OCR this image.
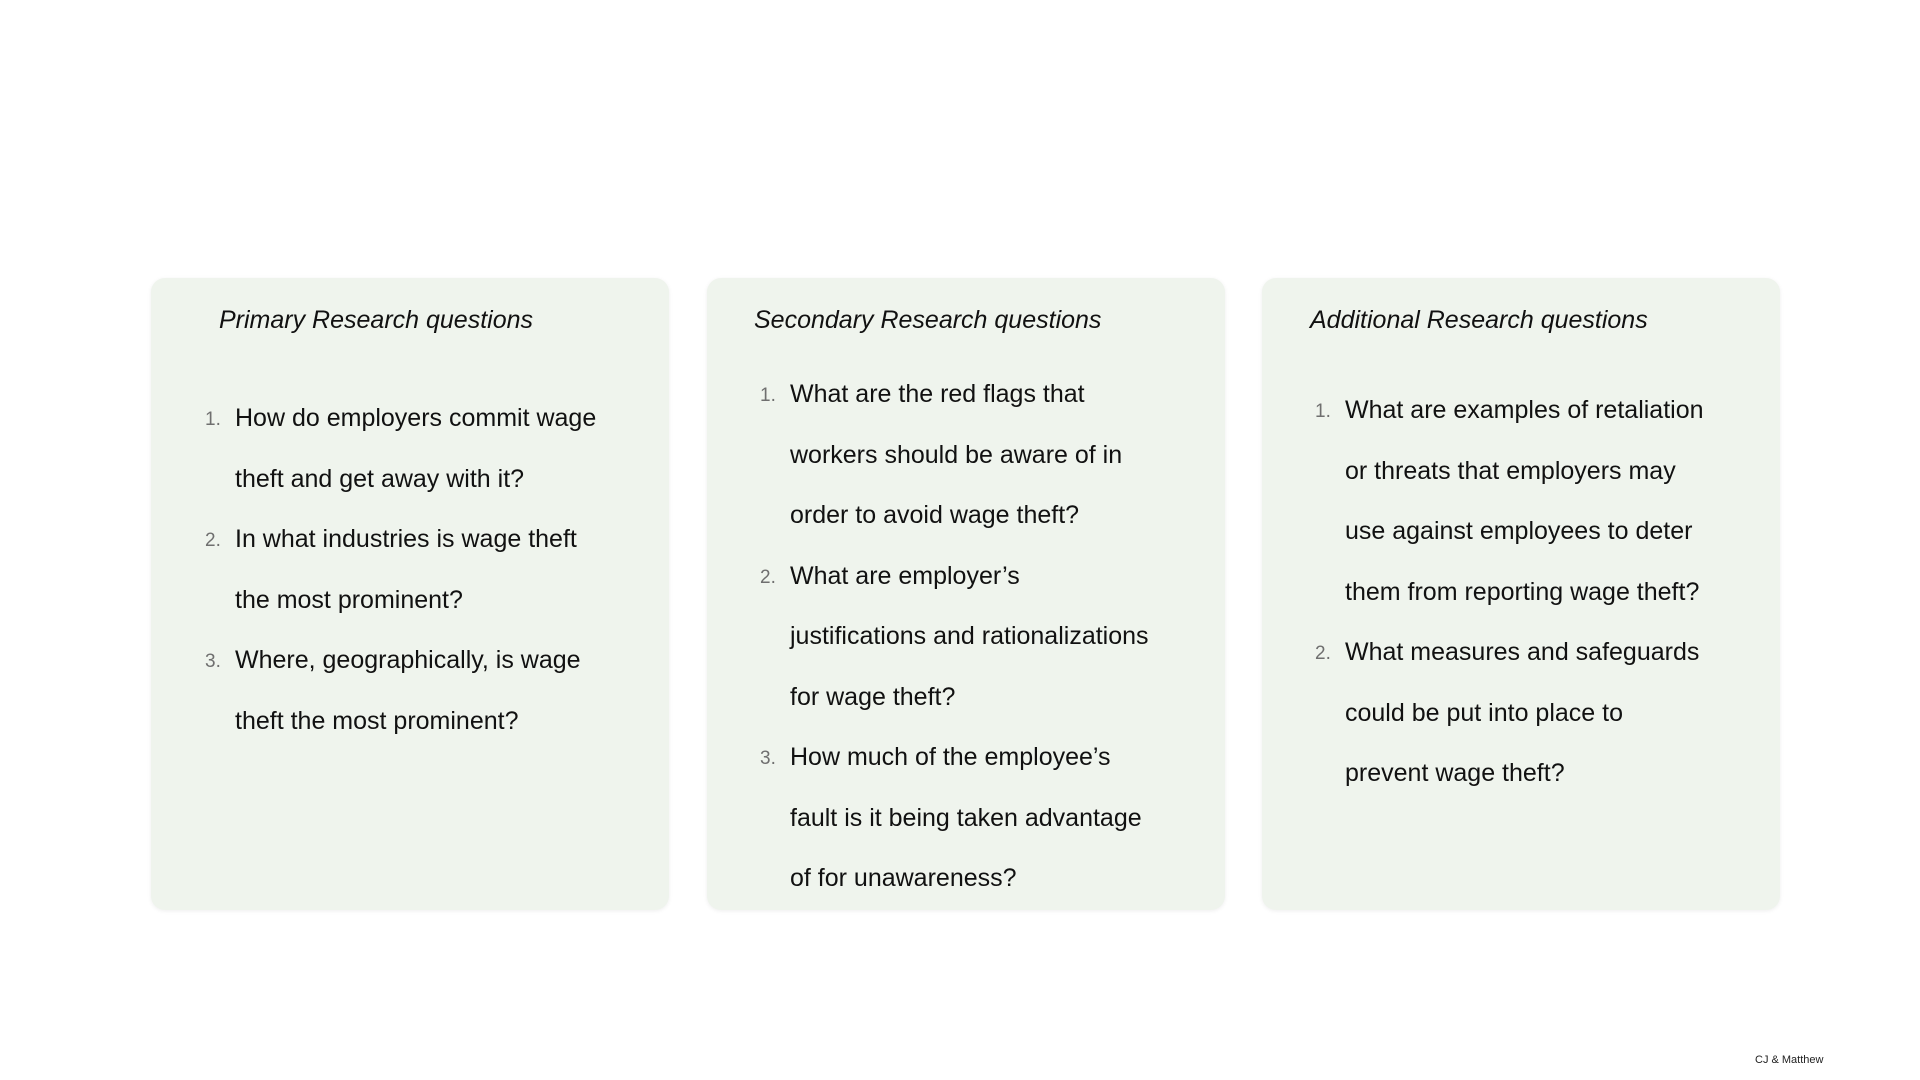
Primary Research questions
1. How do employers commit wage
theft and get away with it?
2. In what industries is wage theft
the most prominent?
3. Where, geographically, is wage
theft the most prominent?
Secondary Research questions
1. What are the red flags that
workers should be aware of in
order to avoid wage theft?
2. What are employer’s
justifications and rationalizations
for wage theft?
3. How much of the employee’s
fault is it being taken advantage
of for unawareness?
Additional Research questions
1. What are examples of retaliation
or threats that employers may
use against employees to deter
them from reporting wage theft?
2. What measures and safeguards
could be put into place to
prevent wage theft?
CJ & Matthew
